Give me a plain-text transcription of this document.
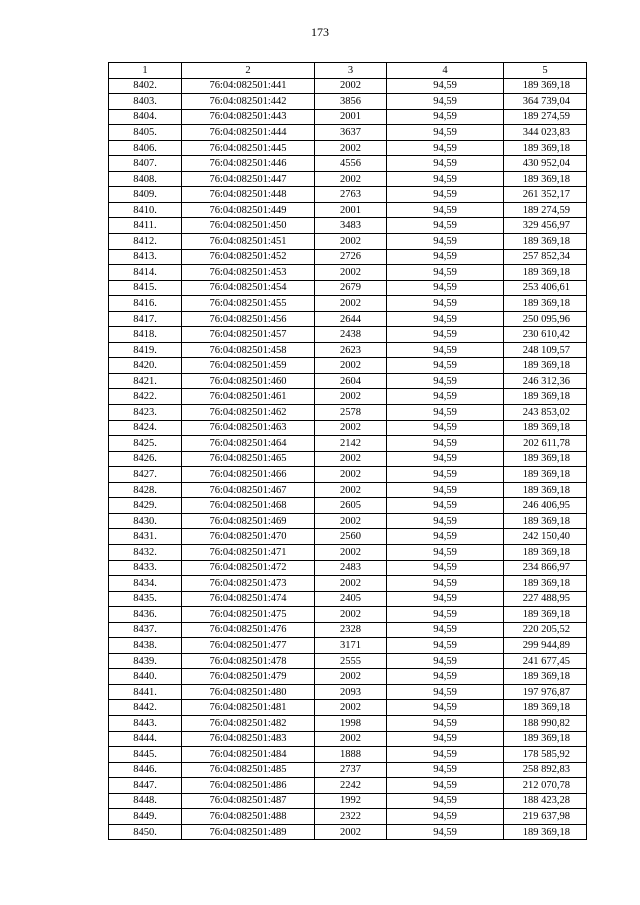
173
1	2	3	4	5
8402.	76:04:082501:441	2002	94,59	189 369,18
8403.	76:04:082501:442	3856	94,59	364 739,04
8404.	76:04:082501:443	2001	94,59	189 274,59
8405.	76:04:082501:444	3637	94,59	344 023,83
8406.	76:04:082501:445	2002	94,59	189 369,18
8407.	76:04:082501:446	4556	94,59	430 952,04
8408.	76:04:082501:447	2002	94,59	189 369,18
8409.	76:04:082501:448	2763	94,59	261 352,17
8410.	76:04:082501:449	2001	94,59	189 274,59
8411.	76:04:082501:450	3483	94,59	329 456,97
8412.	76:04:082501:451	2002	94,59	189 369,18
8413.	76:04:082501:452	2726	94,59	257 852,34
8414.	76:04:082501:453	2002	94,59	189 369,18
8415.	76:04:082501:454	2679	94,59	253 406,61
8416.	76:04:082501:455	2002	94,59	189 369,18
8417.	76:04:082501:456	2644	94,59	250 095,96
8418.	76:04:082501:457	2438	94,59	230 610,42
8419.	76:04:082501:458	2623	94,59	248 109,57
8420.	76:04:082501:459	2002	94,59	189 369,18
8421.	76:04:082501:460	2604	94,59	246 312,36
8422.	76:04:082501:461	2002	94,59	189 369,18
8423.	76:04:082501:462	2578	94,59	243 853,02
8424.	76:04:082501:463	2002	94,59	189 369,18
8425.	76:04:082501:464	2142	94,59	202 611,78
8426.	76:04:082501:465	2002	94,59	189 369,18
8427.	76:04:082501:466	2002	94,59	189 369,18
8428.	76:04:082501:467	2002	94,59	189 369,18
8429.	76:04:082501:468	2605	94,59	246 406,95
8430.	76:04:082501:469	2002	94,59	189 369,18
8431.	76:04:082501:470	2560	94,59	242 150,40
8432.	76:04:082501:471	2002	94,59	189 369,18
8433.	76:04:082501:472	2483	94,59	234 866,97
8434.	76:04:082501:473	2002	94,59	189 369,18
8435.	76:04:082501:474	2405	94,59	227 488,95
8436.	76:04:082501:475	2002	94,59	189 369,18
8437.	76:04:082501:476	2328	94,59	220 205,52
8438.	76:04:082501:477	3171	94,59	299 944,89
8439.	76:04:082501:478	2555	94,59	241 677,45
8440.	76:04:082501:479	2002	94,59	189 369,18
8441.	76:04:082501:480	2093	94,59	197 976,87
8442.	76:04:082501:481	2002	94,59	189 369,18
8443.	76:04:082501:482	1998	94,59	188 990,82
8444.	76:04:082501:483	2002	94,59	189 369,18
8445.	76:04:082501:484	1888	94,59	178 585,92
8446.	76:04:082501:485	2737	94,59	258 892,83
8447.	76:04:082501:486	2242	94,59	212 070,78
8448.	76:04:082501:487	1992	94,59	188 423,28
8449.	76:04:082501:488	2322	94,59	219 637,98
8450.	76:04:082501:489	2002	94,59	189 369,18
